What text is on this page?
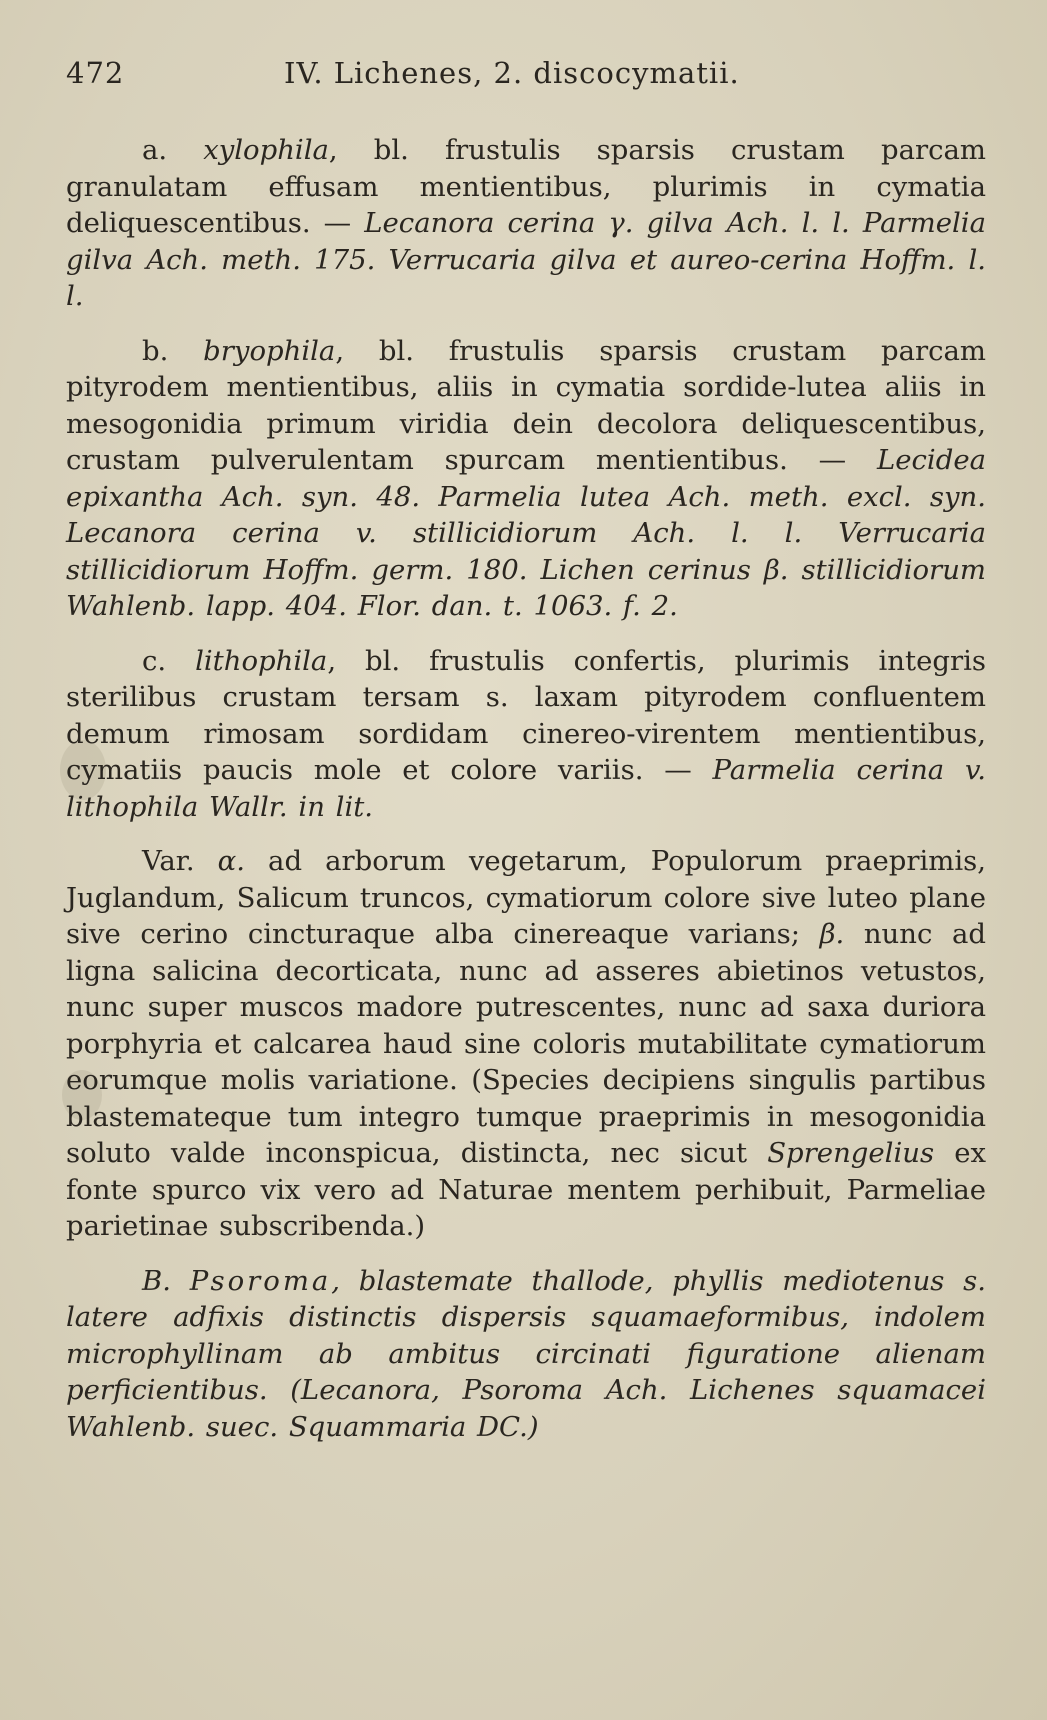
472	IV. Lichenes, 2. discocymatii.

a. xylophila, bl. frustulis sparsis crustam parcam granulatam effusam mentientibus, plurimis in cymatia deliquescentibus. — Lecanora cerina γ. gilva Ach. l. l. Parmelia gilva Ach. meth. 175. Verrucaria gilva et aureo-cerina Hoffm. l. l.

b. bryophila, bl. frustulis sparsis crustam parcam pityrodem mentientibus, aliis in cymatia sordide-lutea aliis in mesogonidia primum viridia dein decolora deliquescentibus, crustam pulverulentam spurcam mentientibus. — Lecidea epixantha Ach. syn. 48. Parmelia lutea Ach. meth. excl. syn. Lecanora cerina v. stillicidiorum Ach. l. l. Verrucaria stillicidiorum Hoffm. germ. 180. Lichen cerinus β. stillicidiorum Wahlenb. lapp. 404. Flor. dan. t. 1063. f. 2.

c. lithophila, bl. frustulis confertis, plurimis integris sterilibus crustam tersam s. laxam pityrodem confluentem demum rimosam sordidam cinereo-virentem mentientibus, cymatiis paucis mole et colore variis. — Parmelia cerina v. lithophila Wallr. in lit.

Var. α. ad arborum vegetarum, Populorum praeprimis, Juglandum, Salicum truncos, cymatiorum colore sive luteo plane sive cerino cincturaque alba cinereaque varians; β. nunc ad ligna salicina decorticata, nunc ad asseres abietinos vetustos, nunc super muscos madore putrescentes, nunc ad saxa duriora porphyria et calcarea haud sine coloris mutabilitate cymatiorum eorumque molis variatione. (Species decipiens singulis partibus blastemateque tum integro tumque praeprimis in mesogonidia soluto valde inconspicua, distincta, nec sicut Sprengelius ex fonte spurco vix vero ad Naturae mentem perhibuit, Parmeliae parietinae subscribenda.)

B. Psoroma, blastemate thallode, phyllis mediotenus s. latere adfixis distinctis dispersis squamaeformibus, indolem microphyllinam ab ambitus circinati figuratione alienam perficientibus. (Lecanora, Psoroma Ach. Lichenes squamacei Wahlenb. suec. Squammaria DC.)
